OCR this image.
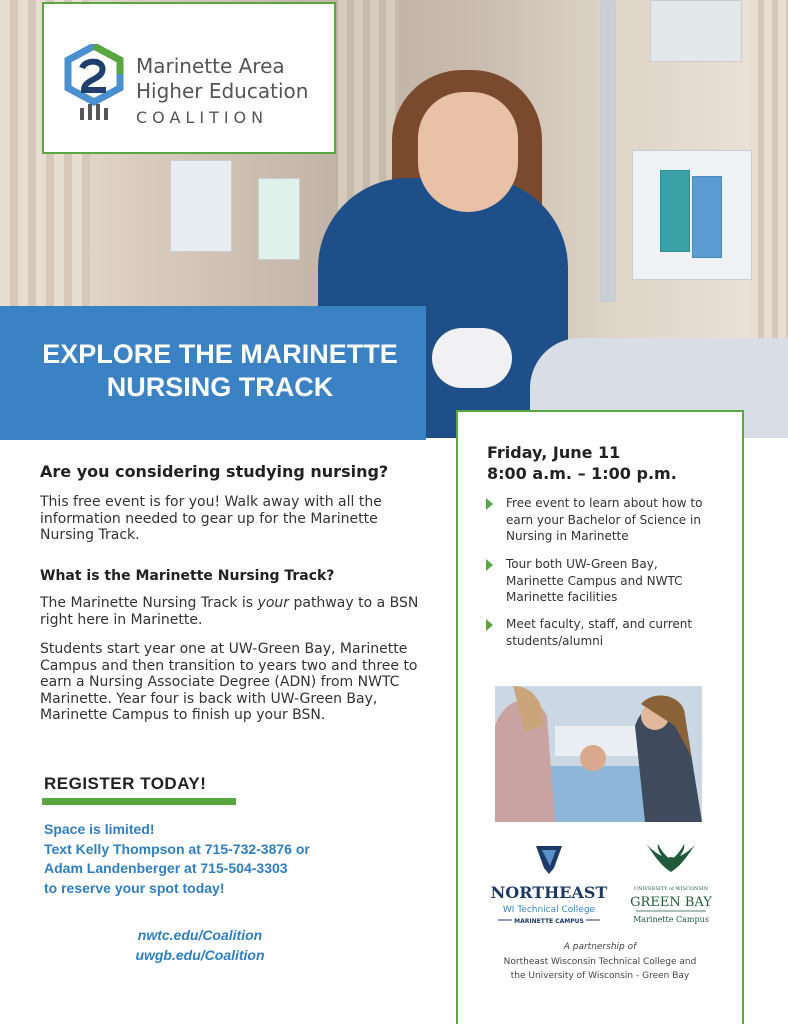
Marinette Area
Higher Education
COALITION
EXPLORE THE MARINETTE
NURSING TRACK
Are you considering studying nursing?
This free event is for you! Walk away with all the information needed to gear up for the Marinette Nursing Track.
What is the Marinette Nursing Track?
The Marinette Nursing Track is your pathway to a BSN right here in Marinette.
Students start year one at UW-Green Bay, Marinette Campus and then transition to years two and three to earn a Nursing Associate Degree (ADN) from NWTC Marinette. Year four is back with UW-Green Bay, Marinette Campus to finish up your BSN.
REGISTER TODAY!
Space is limited!
Text Kelly Thompson at 715-732-3876 or
Adam Landenberger at 715-504-3303
to reserve your spot today!
nwtc.edu/Coalition
uwgb.edu/Coalition
Friday, June 11
8:00 a.m. – 1:00 p.m.
Free event to learn about how to earn your Bachelor of Science in Nursing in Marinette
Tour both UW-Green Bay, Marinette Campus and NWTC Marinette facilities
Meet faculty, staff, and current students/alumni
NORTHEAST
WI Technical College
MARINETTE CAMPUS
UNIVERSITY of WISCONSIN
GREEN BAY
Marinette Campus
A partnership of
Northeast Wisconsin Technical College and
the University of Wisconsin - Green Bay
